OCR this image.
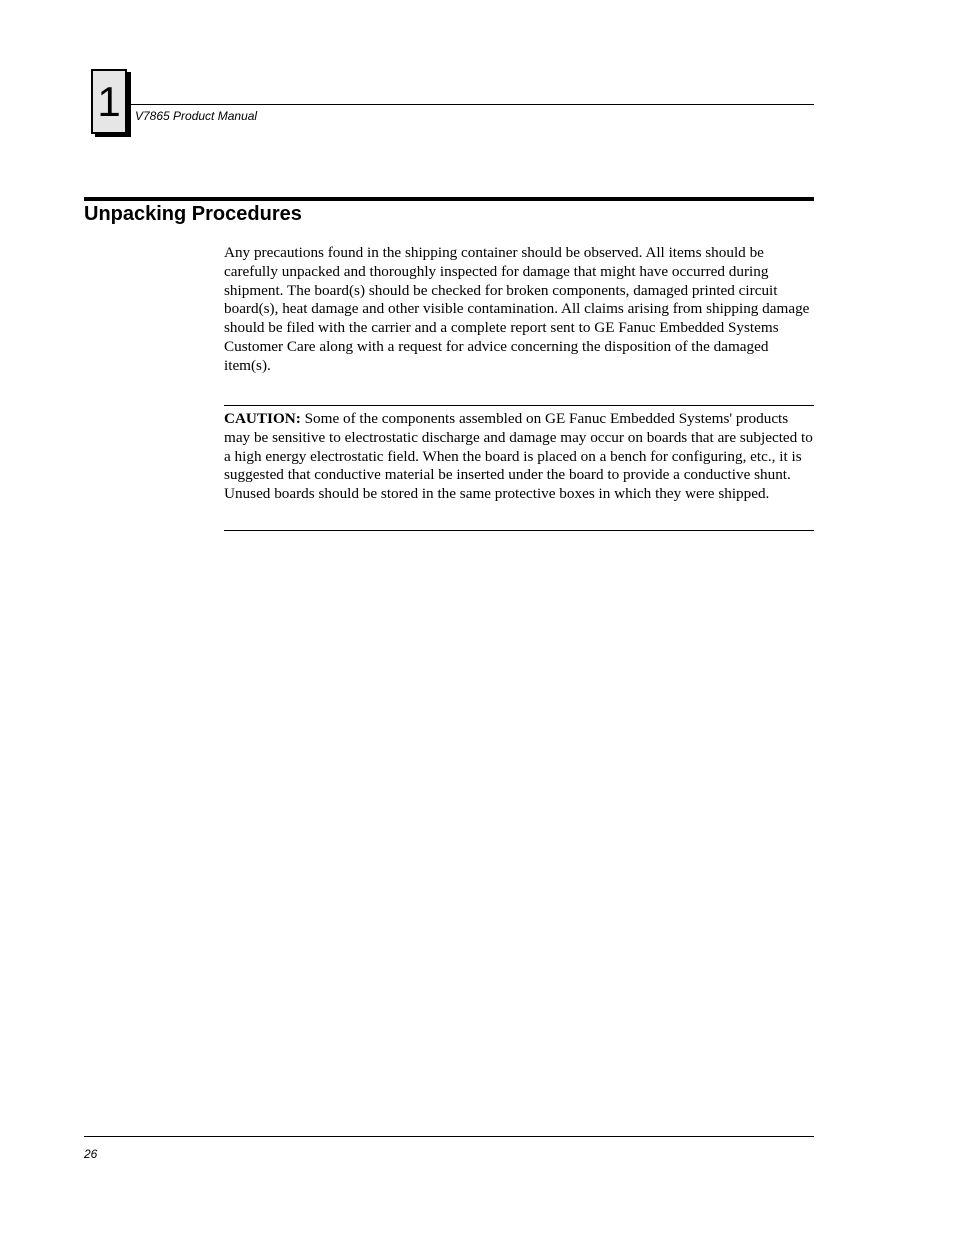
1 V7865 Product Manual
Unpacking Procedures

Any precautions found in the shipping container should be observed. All items should be carefully unpacked and thoroughly inspected for damage that might have occurred during shipment. The board(s) should be checked for broken components, damaged printed circuit board(s), heat damage and other visible contamination. All claims arising from shipping damage should be filed with the carrier and a complete report sent to GE Fanuc Embedded Systems Customer Care along with a request for advice concerning the disposition of the damaged item(s).

CAUTION: Some of the components assembled on GE Fanuc Embedded Systems' products may be sensitive to electrostatic discharge and damage may occur on boards that are subjected to a high energy electrostatic field. When the board is placed on a bench for configuring, etc., it is suggested that conductive material be inserted under the board to provide a conductive shunt. Unused boards should be stored in the same protective boxes in which they were shipped.

26
